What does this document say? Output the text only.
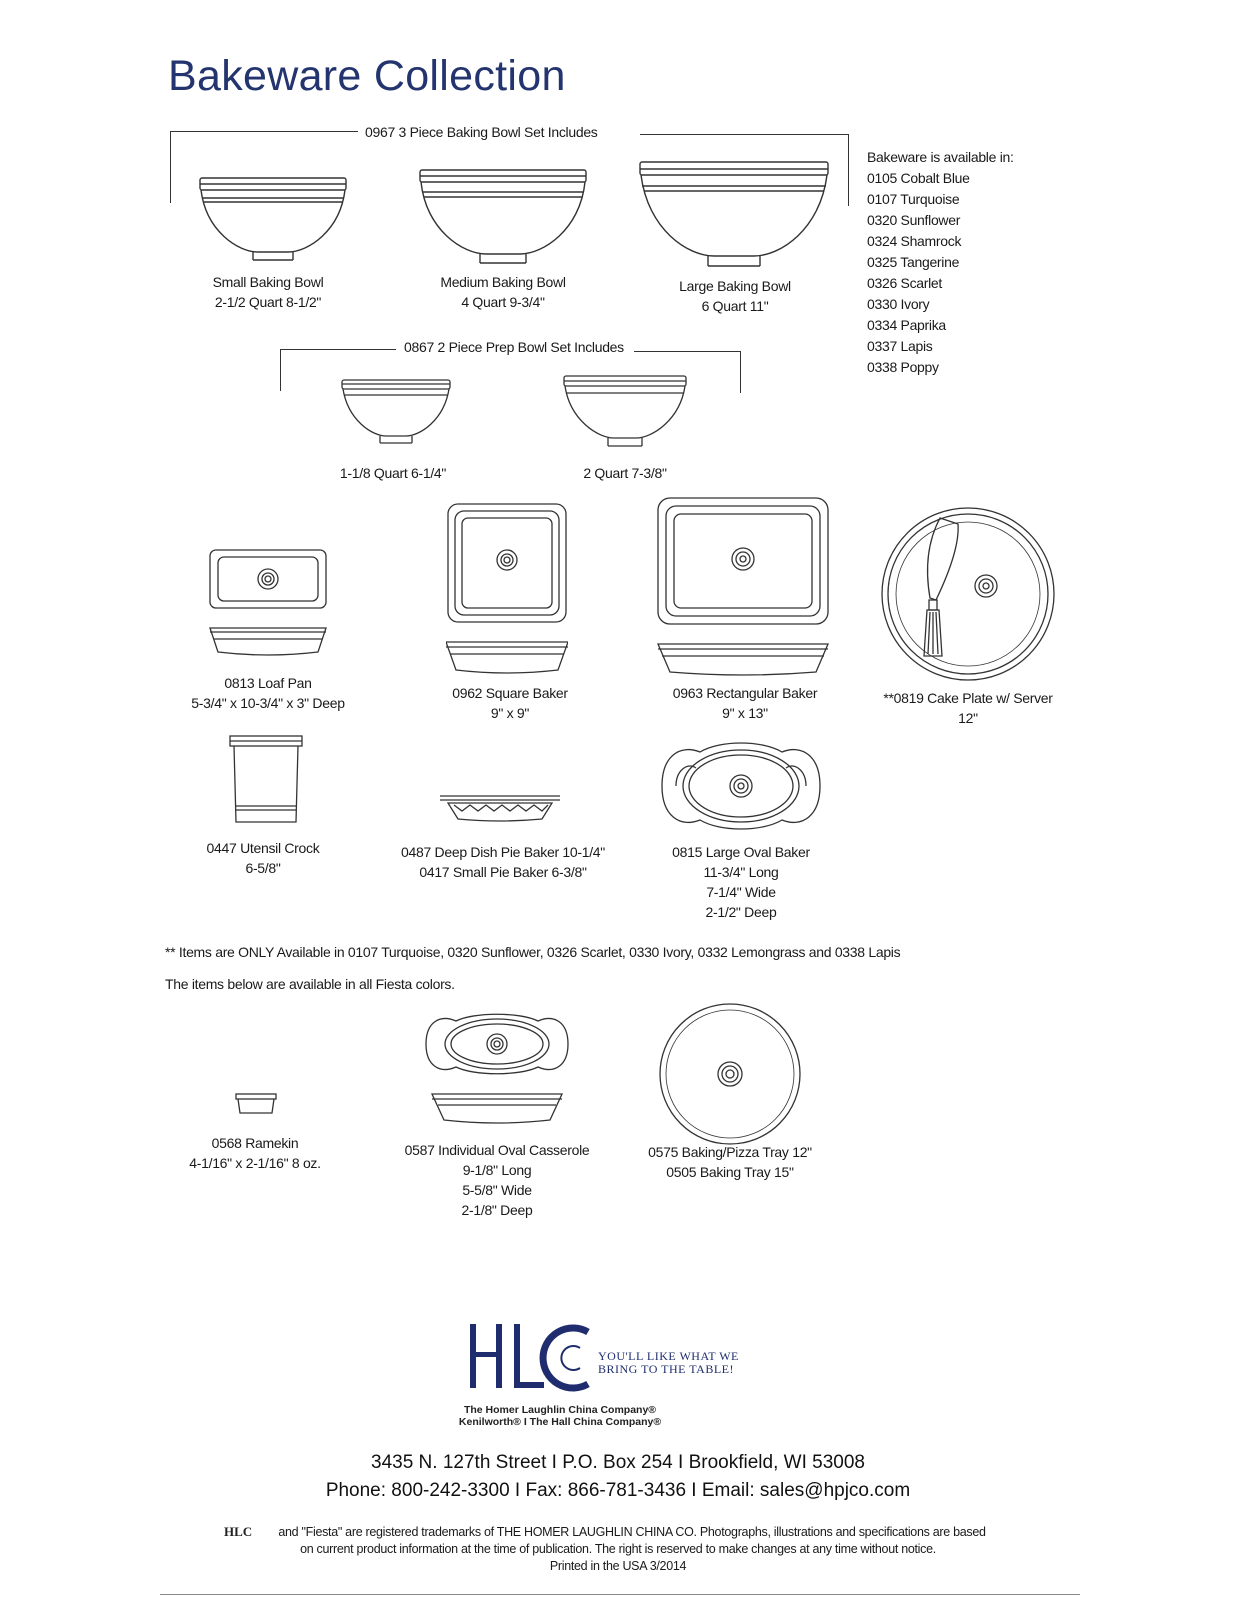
Bakeware Collection
0967 3 Piece Baking Bowl Set Includes
Small Baking Bowl
2-1/2 Quart 8-1/2"
Medium Baking Bowl
4 Quart 9-3/4"
Large Baking Bowl
6 Quart 11"
Bakeware is available in:
0105 Cobalt Blue
0107 Turquoise
0320 Sunflower
0324 Shamrock
0325 Tangerine
0326 Scarlet
0330 Ivory
0334 Paprika
0337 Lapis
0338 Poppy
0867 2 Piece Prep Bowl Set Includes
1-1/8 Quart 6-1/4"	2 Quart 7-3/8"
0813 Loaf Pan
5-3/4" x 10-3/4" x 3" Deep
0962 Square Baker
9" x 9"
0963 Rectangular Baker
9" x 13"
**0819 Cake Plate w/ Server
12"
0447 Utensil Crock
6-5/8"
0487 Deep Dish Pie Baker 10-1/4"
0417 Small Pie Baker 6-3/8"
0815 Large Oval Baker
11-3/4" Long
7-1/4" Wide
2-1/2" Deep
** Items are ONLY Available in 0107 Turquoise, 0320 Sunflower, 0326 Scarlet, 0330 Ivory, 0332 Lemongrass and 0338 Lapis
The items below are available in all Fiesta colors.
0568 Ramekin
4-1/16" x 2-1/16" 8 oz.
0587 Individual Oval Casserole
9-1/8" Long
5-5/8" Wide
2-1/8" Deep
0575 Baking/Pizza Tray 12"
0505 Baking Tray 15"
YOU'LL LIKE WHAT WE
BRING TO THE TABLE!
The Homer Laughlin China Company®
Kenilworth® I The Hall China Company®
3435 N. 127th Street I P.O. Box 254 I Brookfield, WI 53008
Phone: 800-242-3300 I Fax: 866-781-3436 I Email: sales@hpjco.com
HLC	and "Fiesta" are registered trademarks of THE HOMER LAUGHLIN CHINA CO. Photographs, illustrations and specifications are based
on current product information at the time of publication. The right is reserved to make changes at any time without notice.
Printed in the USA 3/2014
